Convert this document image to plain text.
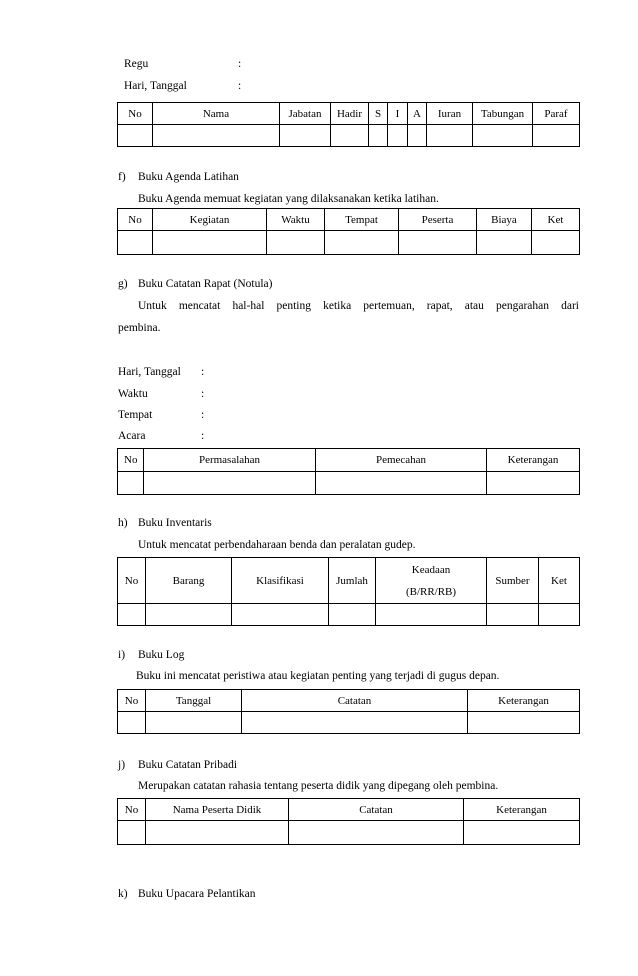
Regu	:
Hari, Tanggal	:
No	Nama	Jabatan	Hadir	S	I	A	Iuran	Tabungan	Paraf

f) Buku Agenda Latihan
Buku Agenda memuat kegiatan yang dilaksanakan ketika latihan.
No	Kegiatan	Waktu	Tempat	Peserta	Biaya	Ket

g) Buku Catatan Rapat (Notula)
Untuk mencatat hal-hal penting ketika pertemuan, rapat, atau pengarahan dari
pembina.
Hari, Tanggal :
Waktu	:
Tempat	:
Acara	:
No	Permasalahan	Pemecahan	Keterangan

h) Buku Inventaris
Untuk mencatat perbendaharaan benda dan peralatan gudep.
No	Barang	Klasifikasi	Jumlah	Keadaan
(B/RR/RB)	Sumber	Ket

i) Buku Log
Buku ini mencatat peristiwa atau kegiatan penting yang terjadi di gugus depan.
No	Tanggal	Catatan	Keterangan

j) Buku Catatan Pribadi
Merupakan catatan rahasia tentang peserta didik yang dipegang oleh pembina.
No	Nama Peserta Didik	Catatan	Keterangan

k) Buku Upacara Pelantikan
